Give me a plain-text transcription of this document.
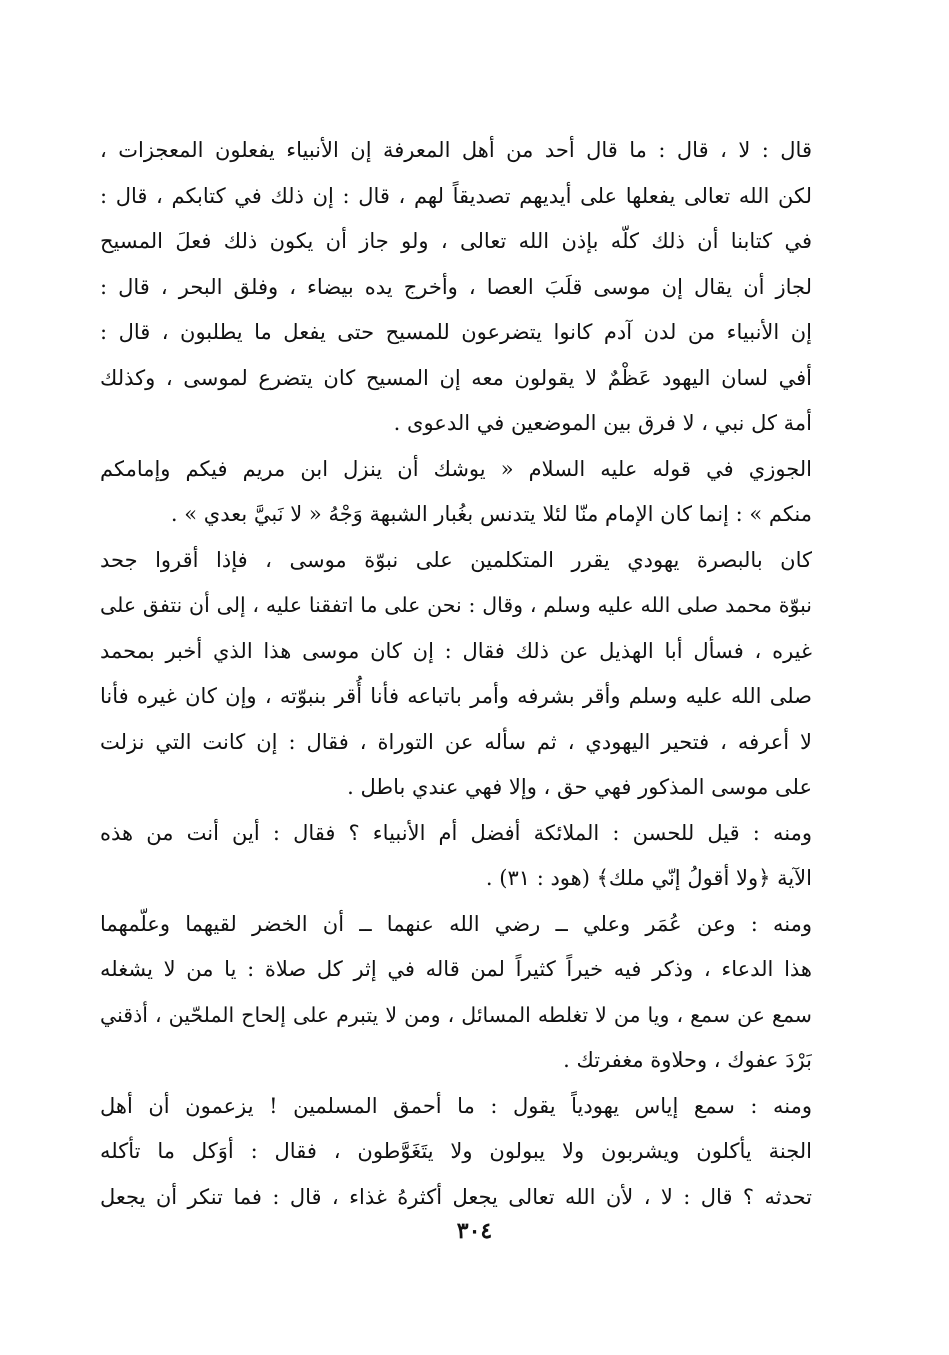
قال : لا ، قال : ما قال أحد من أهل المعرفة إن الأنبياء يفعلون المعجزات ،
لكن الله تعالى يفعلها على أيديهم تصديقاً لهم ، قال : إن ذلك في كتابكم ، قال :
في كتابنا أن ذلك كلّه بإذن الله تعالى ، ولو جاز أن يكون ذلك فعلَ المسيح
لجاز أن يقال إن موسى قلَبَ العصا ، وأخرج يده بيضاء ، وفلق البحر ، قال :
إن الأنبياء من لدن آدم كانوا يتضرعون للمسيح حتى يفعل ما يطلبون ، قال :
أفي لسان اليهود عَظْمٌ لا يقولون معه إن المسيح كان يتضرع لموسى ، وكذلك
أمة كل نبي ، لا فرق بين الموضعين في الدعوى .
الجوزي في قوله عليه السلام « يوشك أن ينزل ابن مريم فيكم وإمامكم
منكم » : إنما كان الإمام منّا لئلا يتدنس بغُبار الشبهة وَجْهُ « لا نَبيَّ بعدي » .
كان بالبصرة يهودي يقرر المتكلمين على نبوّة موسى ، فإذا أقروا جحد
نبوّة محمد صلى الله عليه وسلم ، وقال : نحن على ما اتفقنا عليه ، إلى أن نتفق على
غيره ، فسأل أبا الهذيل عن ذلك فقال : إن كان موسى هذا الذي أخبر بمحمد
صلى الله عليه وسلم وأقر بشرفه وأمر باتباعه فأنا أُقر بنبوّته ، وإن كان غيره فأنا
لا أعرفه ، فتحير اليهودي ، ثم سأله عن التوراة ، فقال : إن كانت التي نزلت
على موسى المذكور فهي حق ، وإلا فهي عندي باطل .
ومنه : قيل للحسن : الملائكة أفضل أم الأنبياء ؟ فقال : أين أنت من هذه
الآية ﴿ولا أقولُ إنّي ملك﴾ (هود : ٣١) .
ومنه : وعن عُمَر وعلي ــ رضي الله عنهما ــ أن الخضر لقيهما وعلّمهما
هذا الدعاء ، وذكر فيه خيراً كثيراً لمن قاله في إثر كل صلاة : يا من لا يشغله
سمع عن سمع ، ويا من لا تغلطه المسائل ، ومن لا يتبرم على إلحاح الملحّين ، أذقني
بَرْدَ عفوك ، وحلاوة مغفرتك .
ومنه : سمع إياس يهودياً يقول : ما أحمق المسلمين ! يزعمون أن أهل
الجنة يأكلون ويشربون ولا يبولون ولا يتَغَوَّطون ، فقال : أوَكل ما تأكله
تحدثه ؟ قال : لا ، لأن الله تعالى يجعل أكثرهُ غذاء ، قال : فما تنكر أن يجعل
٣٠٤
